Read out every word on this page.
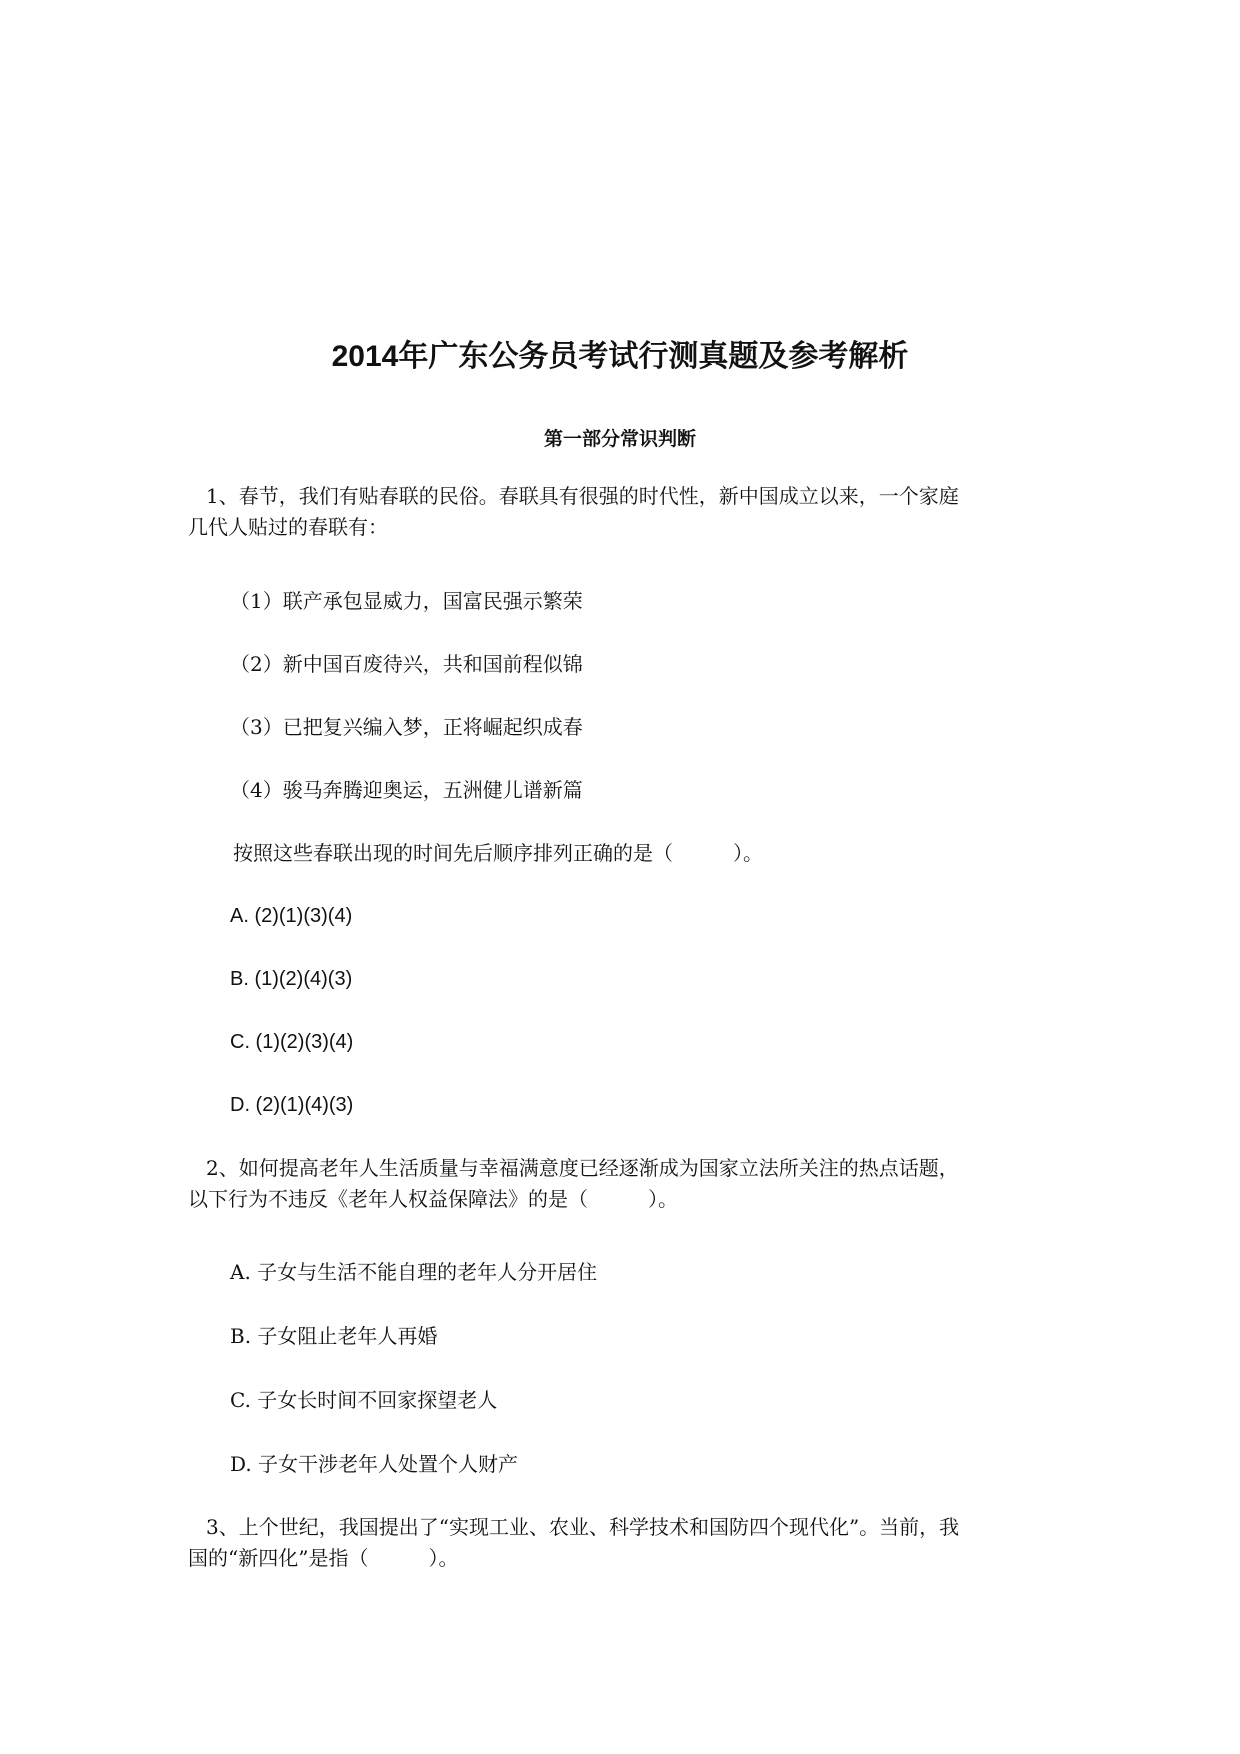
2014年广东公务员考试行测真题及参考解析
第一部分常识判断
1、春节，我们有贴春联的民俗。春联具有很强的时代性，新中国成立以来，一个家庭
几代人贴过的春联有：
（1）联产承包显威力，国富民强示繁荣
（2）新中国百废待兴，共和国前程似锦
（3）已把复兴编入梦，正将崛起织成春
（4）骏马奔腾迎奥运，五洲健儿谱新篇
按照这些春联出现的时间先后顺序排列正确的是（　　　）。
A. (2)(1)(3)(4)
B. (1)(2)(4)(3)
C. (1)(2)(3)(4)
D. (2)(1)(4)(3)
2、如何提高老年人生活质量与幸福满意度已经逐渐成为国家立法所关注的热点话题，
以下行为不违反《老年人权益保障法》的是（　　　）。
A. 子女与生活不能自理的老年人分开居住
B. 子女阻止老年人再婚
C. 子女长时间不回家探望老人
D. 子女干涉老年人处置个人财产
3、上个世纪，我国提出了“实现工业、农业、科学技术和国防四个现代化”。当前，我
国的“新四化”是指（　　　）。
